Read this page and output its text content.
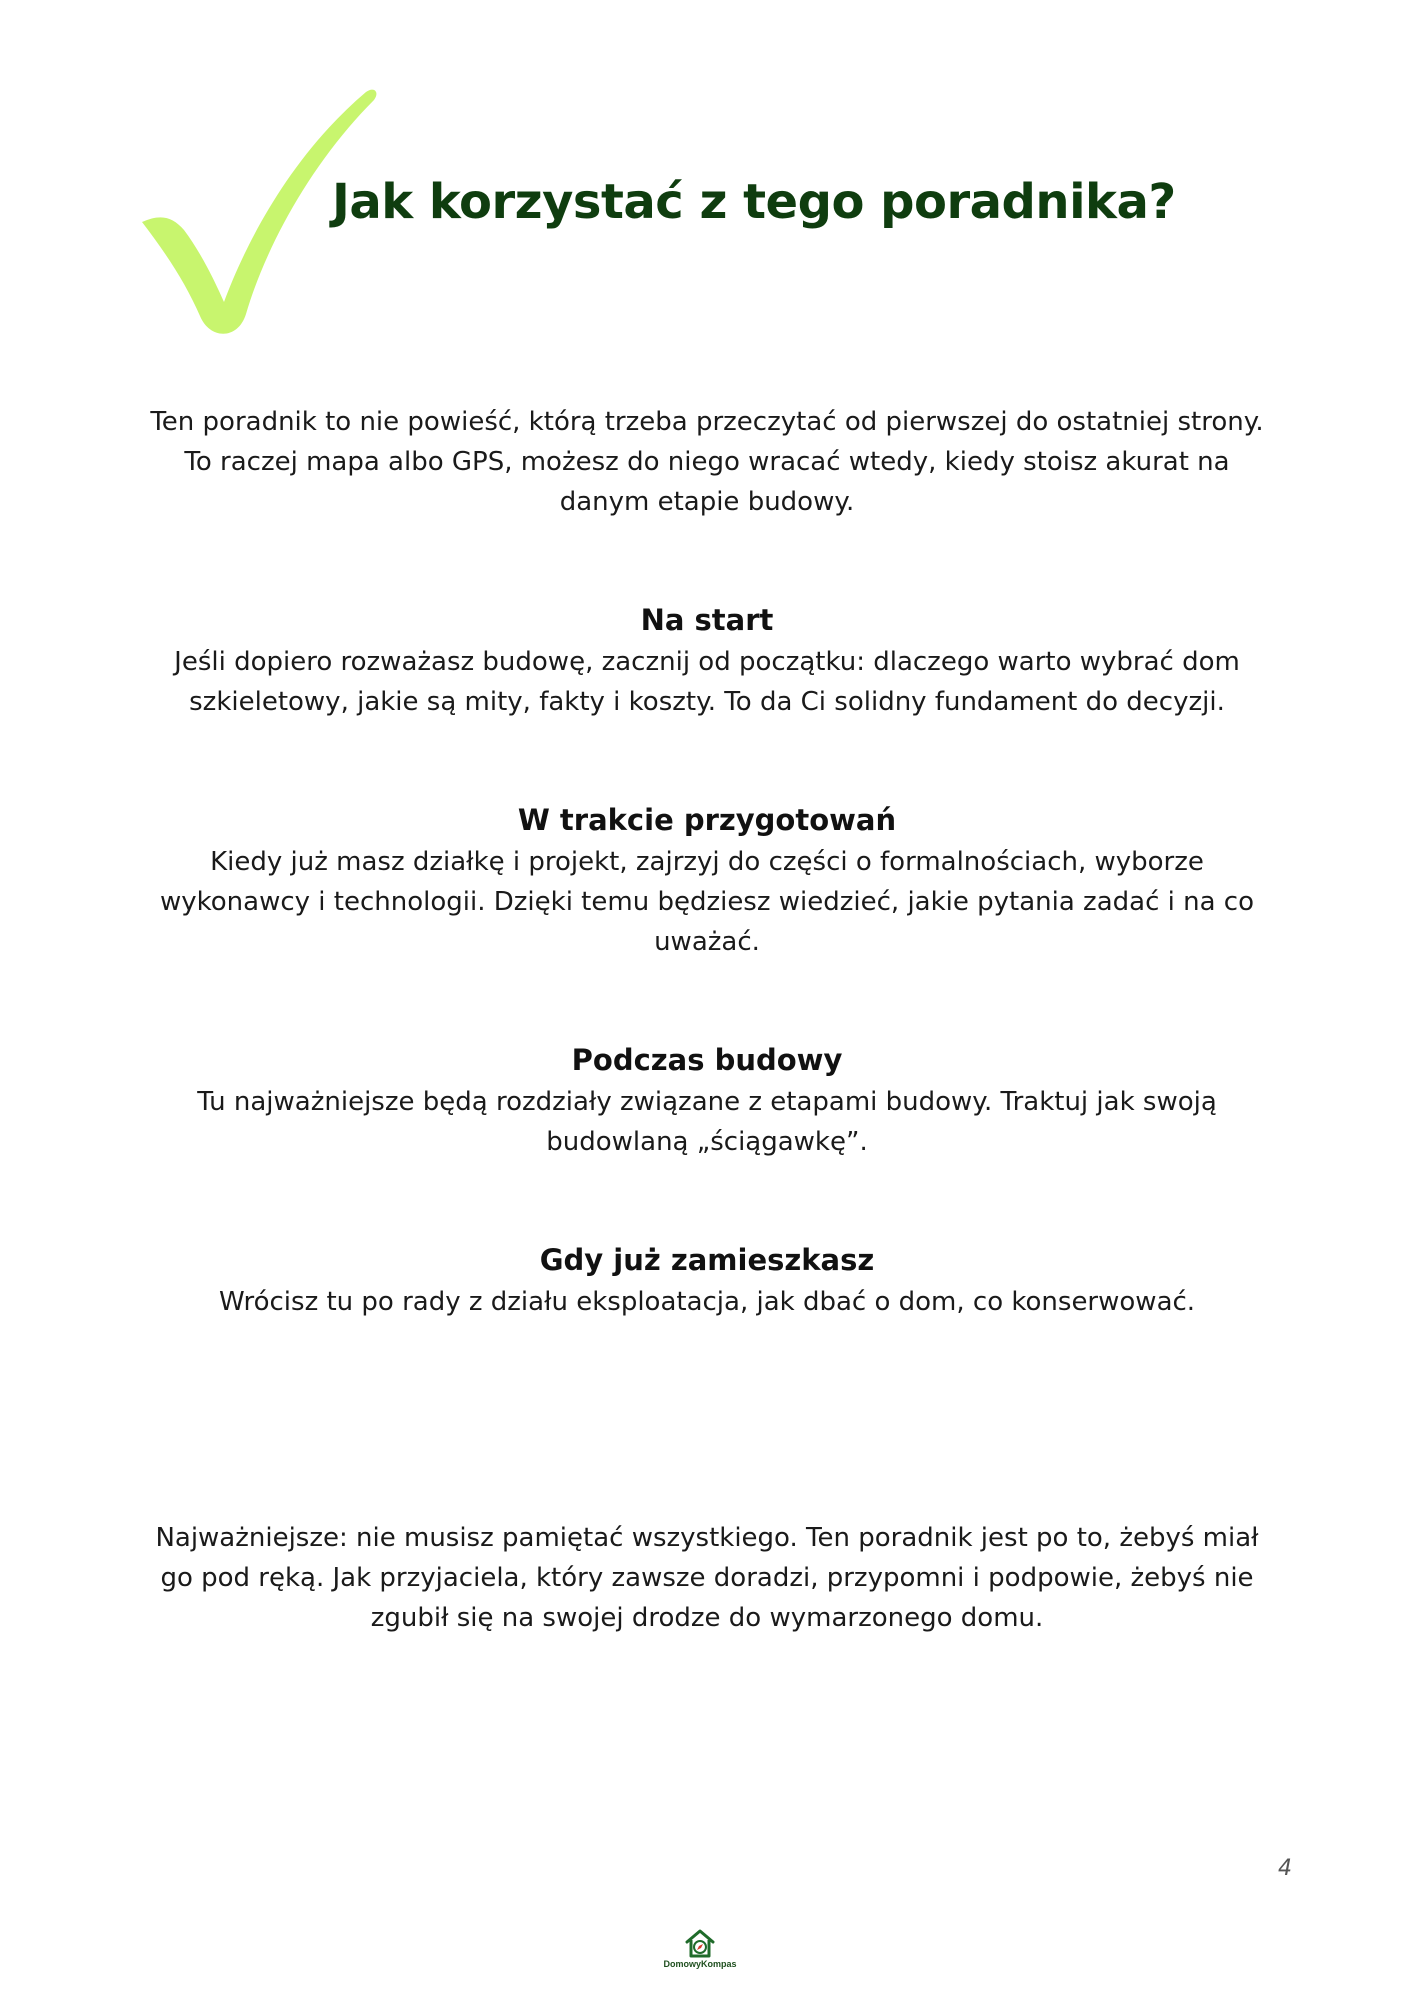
Jak korzystać z tego poradnika?

Ten poradnik to nie powieść, którą trzeba przeczytać od pierwszej do ostatniej strony. To raczej mapa albo GPS, możesz do niego wracać wtedy, kiedy stoisz akurat na danym etapie budowy.

Na start

Jeśli dopiero rozważasz budowę, zacznij od początku: dlaczego warto wybrać dom szkieletowy, jakie są mity, fakty i koszty. To da Ci solidny fundament do decyzji.

W trakcie przygotowań

Kiedy już masz działkę i projekt, zajrzyj do części o formalnościach, wyborze wykonawcy i technologii. Dzięki temu będziesz wiedzieć, jakie pytania zadać i na co uważać.

Podczas budowy

Tu najważniejsze będą rozdziały związane z etapami budowy. Traktuj jak swoją budowlaną „ściągawkę”.

Gdy już zamieszkasz

Wrócisz tu po rady z działu eksploatacja, jak dbać o dom, co konserwować.

Najważniejsze: nie musisz pamiętać wszystkiego. Ten poradnik jest po to, żebyś miał go pod ręką. Jak przyjaciela, który zawsze doradzi, przypomni i podpowie, żebyś nie zgubił się na swojej drodze do wymarzonego domu.

4
DomowyKompas
